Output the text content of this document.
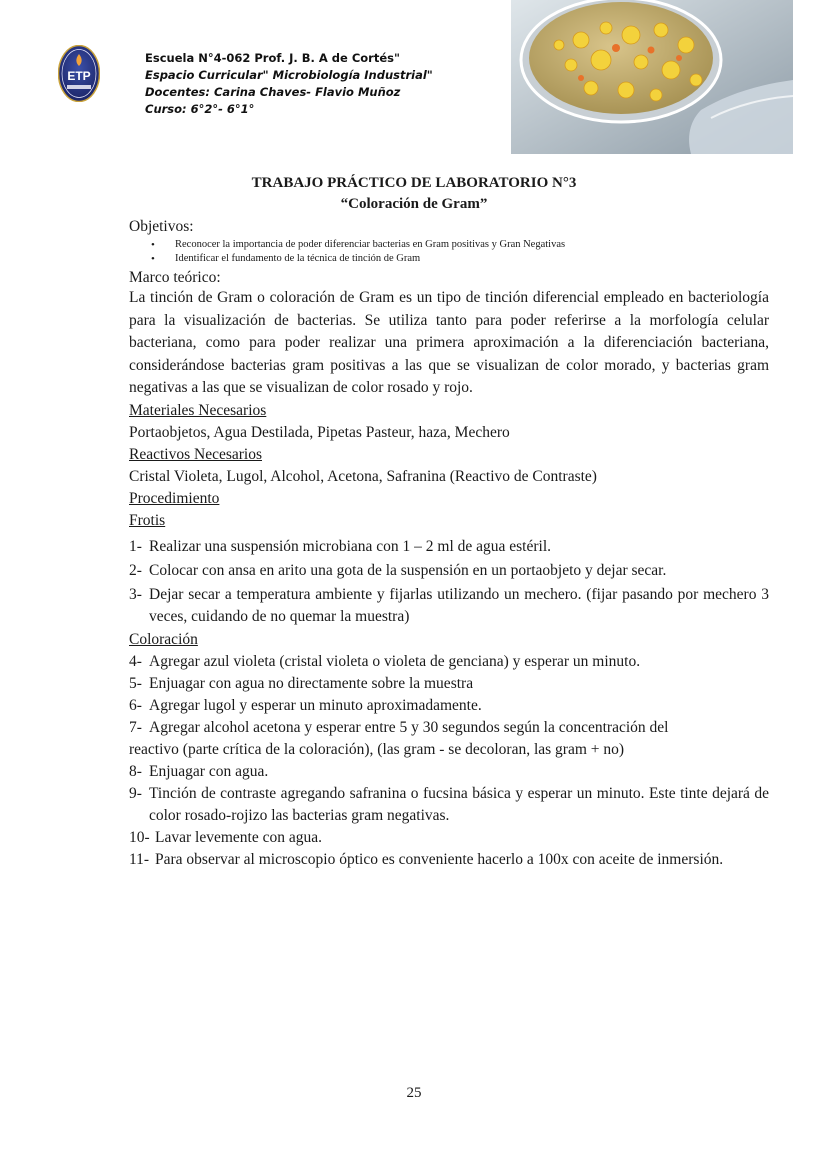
ETP
Escuela N°4-062 Prof. J. B. A de Cortés"
Espacio Curricular" Microbiología Industrial"
Docentes: Carina Chaves- Flavio Muñoz
Curso: 6°2°- 6°1°
TRABAJO PRÁCTICO DE LABORATORIO N°3
“Coloración de Gram”
Objetivos:
• Reconocer la importancia de poder diferenciar bacterias en Gram positivas y Gran Negativas
• Identificar el fundamento de la técnica de tinción de Gram
Marco teórico:

La tinción de Gram o coloración de Gram es un tipo de tinción diferencial empleado en bacteriología para la visualización de bacterias. Se utiliza tanto para poder referirse a la morfología celular bacteriana, como para poder realizar una primera aproximación a la diferenciación bacteriana, considerándose bacterias gram positivas a las que se visualizan de color morado, y bacterias gram negativas a las que se visualizan de color rosado y rojo.

Materiales Necesarios
Portaobjetos, Agua Destilada, Pipetas Pasteur, haza, Mechero
Reactivos Necesarios
Cristal Violeta, Lugol, Alcohol, Acetona, Safranina (Reactivo de Contraste)
Procedimiento
Frotis
1- Realizar una suspensión microbiana con 1 – 2 ml de agua estéril.
2- Colocar con ansa en arito una gota de la suspensión en un portaobjeto y dejar secar.
3- Dejar secar a temperatura ambiente y fijarlas utilizando un mechero. (fijar pasando por mechero 3 veces, cuidando de no quemar la muestra)
Coloración
4- Agregar azul violeta (cristal violeta o violeta de genciana) y esperar un minuto.
5- Enjuagar con agua no directamente sobre la muestra
6- Agregar lugol y esperar un minuto aproximadamente.
7- Agregar alcohol acetona y esperar entre 5 y 30 segundos según la concentración del
reactivo (parte crítica de la coloración), (las gram - se decoloran, las gram + no)
8- Enjuagar con agua.
9- Tinción de contraste agregando safranina o fucsina básica y esperar un minuto. Este tinte dejará de color rosado-rojizo las bacterias gram negativas.
10- Lavar levemente con agua.
11- Para observar al microscopio óptico es conveniente hacerlo a 100x con aceite de inmersión.
25
